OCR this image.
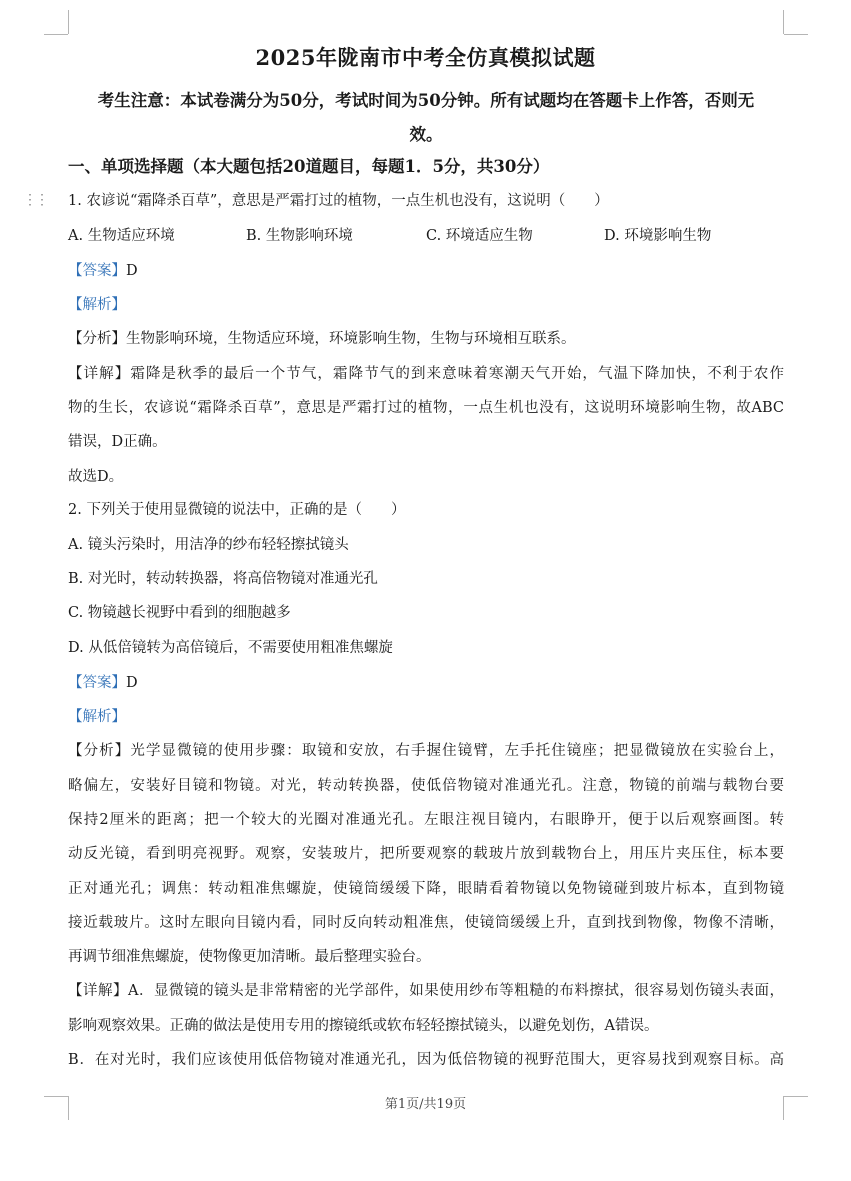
2025年陇南市中考全仿真模拟试题
考生注意：本试卷满分为50分，考试时间为50分钟。所有试题均在答题卡上作答，否则无
效。
一、单项选择题（本大题包括20道题目，每题1．5分，共30分）
⋮⋮ 1. 农谚说“霜降杀百草”，意思是严霜打过的植物，一点生机也没有，这说明（　　）
A. 生物适应环境	B. 生物影响环境	C. 环境适应生物	D. 环境影响生物
【答案】D
【解析】
【分析】生物影响环境，生物适应环境，环境影响生物，生物与环境相互联系。
【详解】霜降是秋季的最后一个节气，霜降节气的到来意味着寒潮天气开始，气温下降加快，不利于农作
物的生长，农谚说“霜降杀百草”，意思是严霜打过的植物，一点生机也没有，这说明环境影响生物，故ABC
错误，D正确。
故选D。
2. 下列关于使用显微镜的说法中，正确的是（　　）
A. 镜头污染时，用洁净的纱布轻轻擦拭镜头
B. 对光时，转动转换器，将高倍物镜对准通光孔
C. 物镜越长视野中看到的细胞越多
D. 从低倍镜转为高倍镜后，不需要使用粗准焦螺旋
【答案】D
【解析】
【分析】光学显微镜的使用步骤：取镜和安放，右手握住镜臂，左手托住镜座；把显微镜放在实验台上，
略偏左，安装好目镜和物镜。对光，转动转换器，使低倍物镜对准通光孔。注意，物镜的前端与载物台要
保持2厘米的距离；把一个较大的光圈对准通光孔。左眼注视目镜内，右眼睁开，便于以后观察画图。转
动反光镜，看到明亮视野。观察，安装玻片，把所要观察的载玻片放到载物台上，用压片夹压住，标本要
正对通光孔；调焦：转动粗准焦螺旋，使镜筒缓缓下降，眼睛看着物镜以免物镜碰到玻片标本，直到物镜
接近载玻片。这时左眼向目镜内看，同时反向转动粗准焦，使镜筒缓缓上升，直到找到物像，物像不清晰，
再调节细准焦螺旋，使物像更加清晰。最后整理实验台。
【详解】A．显微镜的镜头是非常精密的光学部件，如果使用纱布等粗糙的布料擦拭，很容易划伤镜头表面，
影响观察效果。正确的做法是使用专用的擦镜纸或软布轻轻擦拭镜头，以避免划伤，A错误。
B．在对光时，我们应该使用低倍物镜对准通光孔，因为低倍物镜的视野范围大，更容易找到观察目标。高
第1页/共19页
